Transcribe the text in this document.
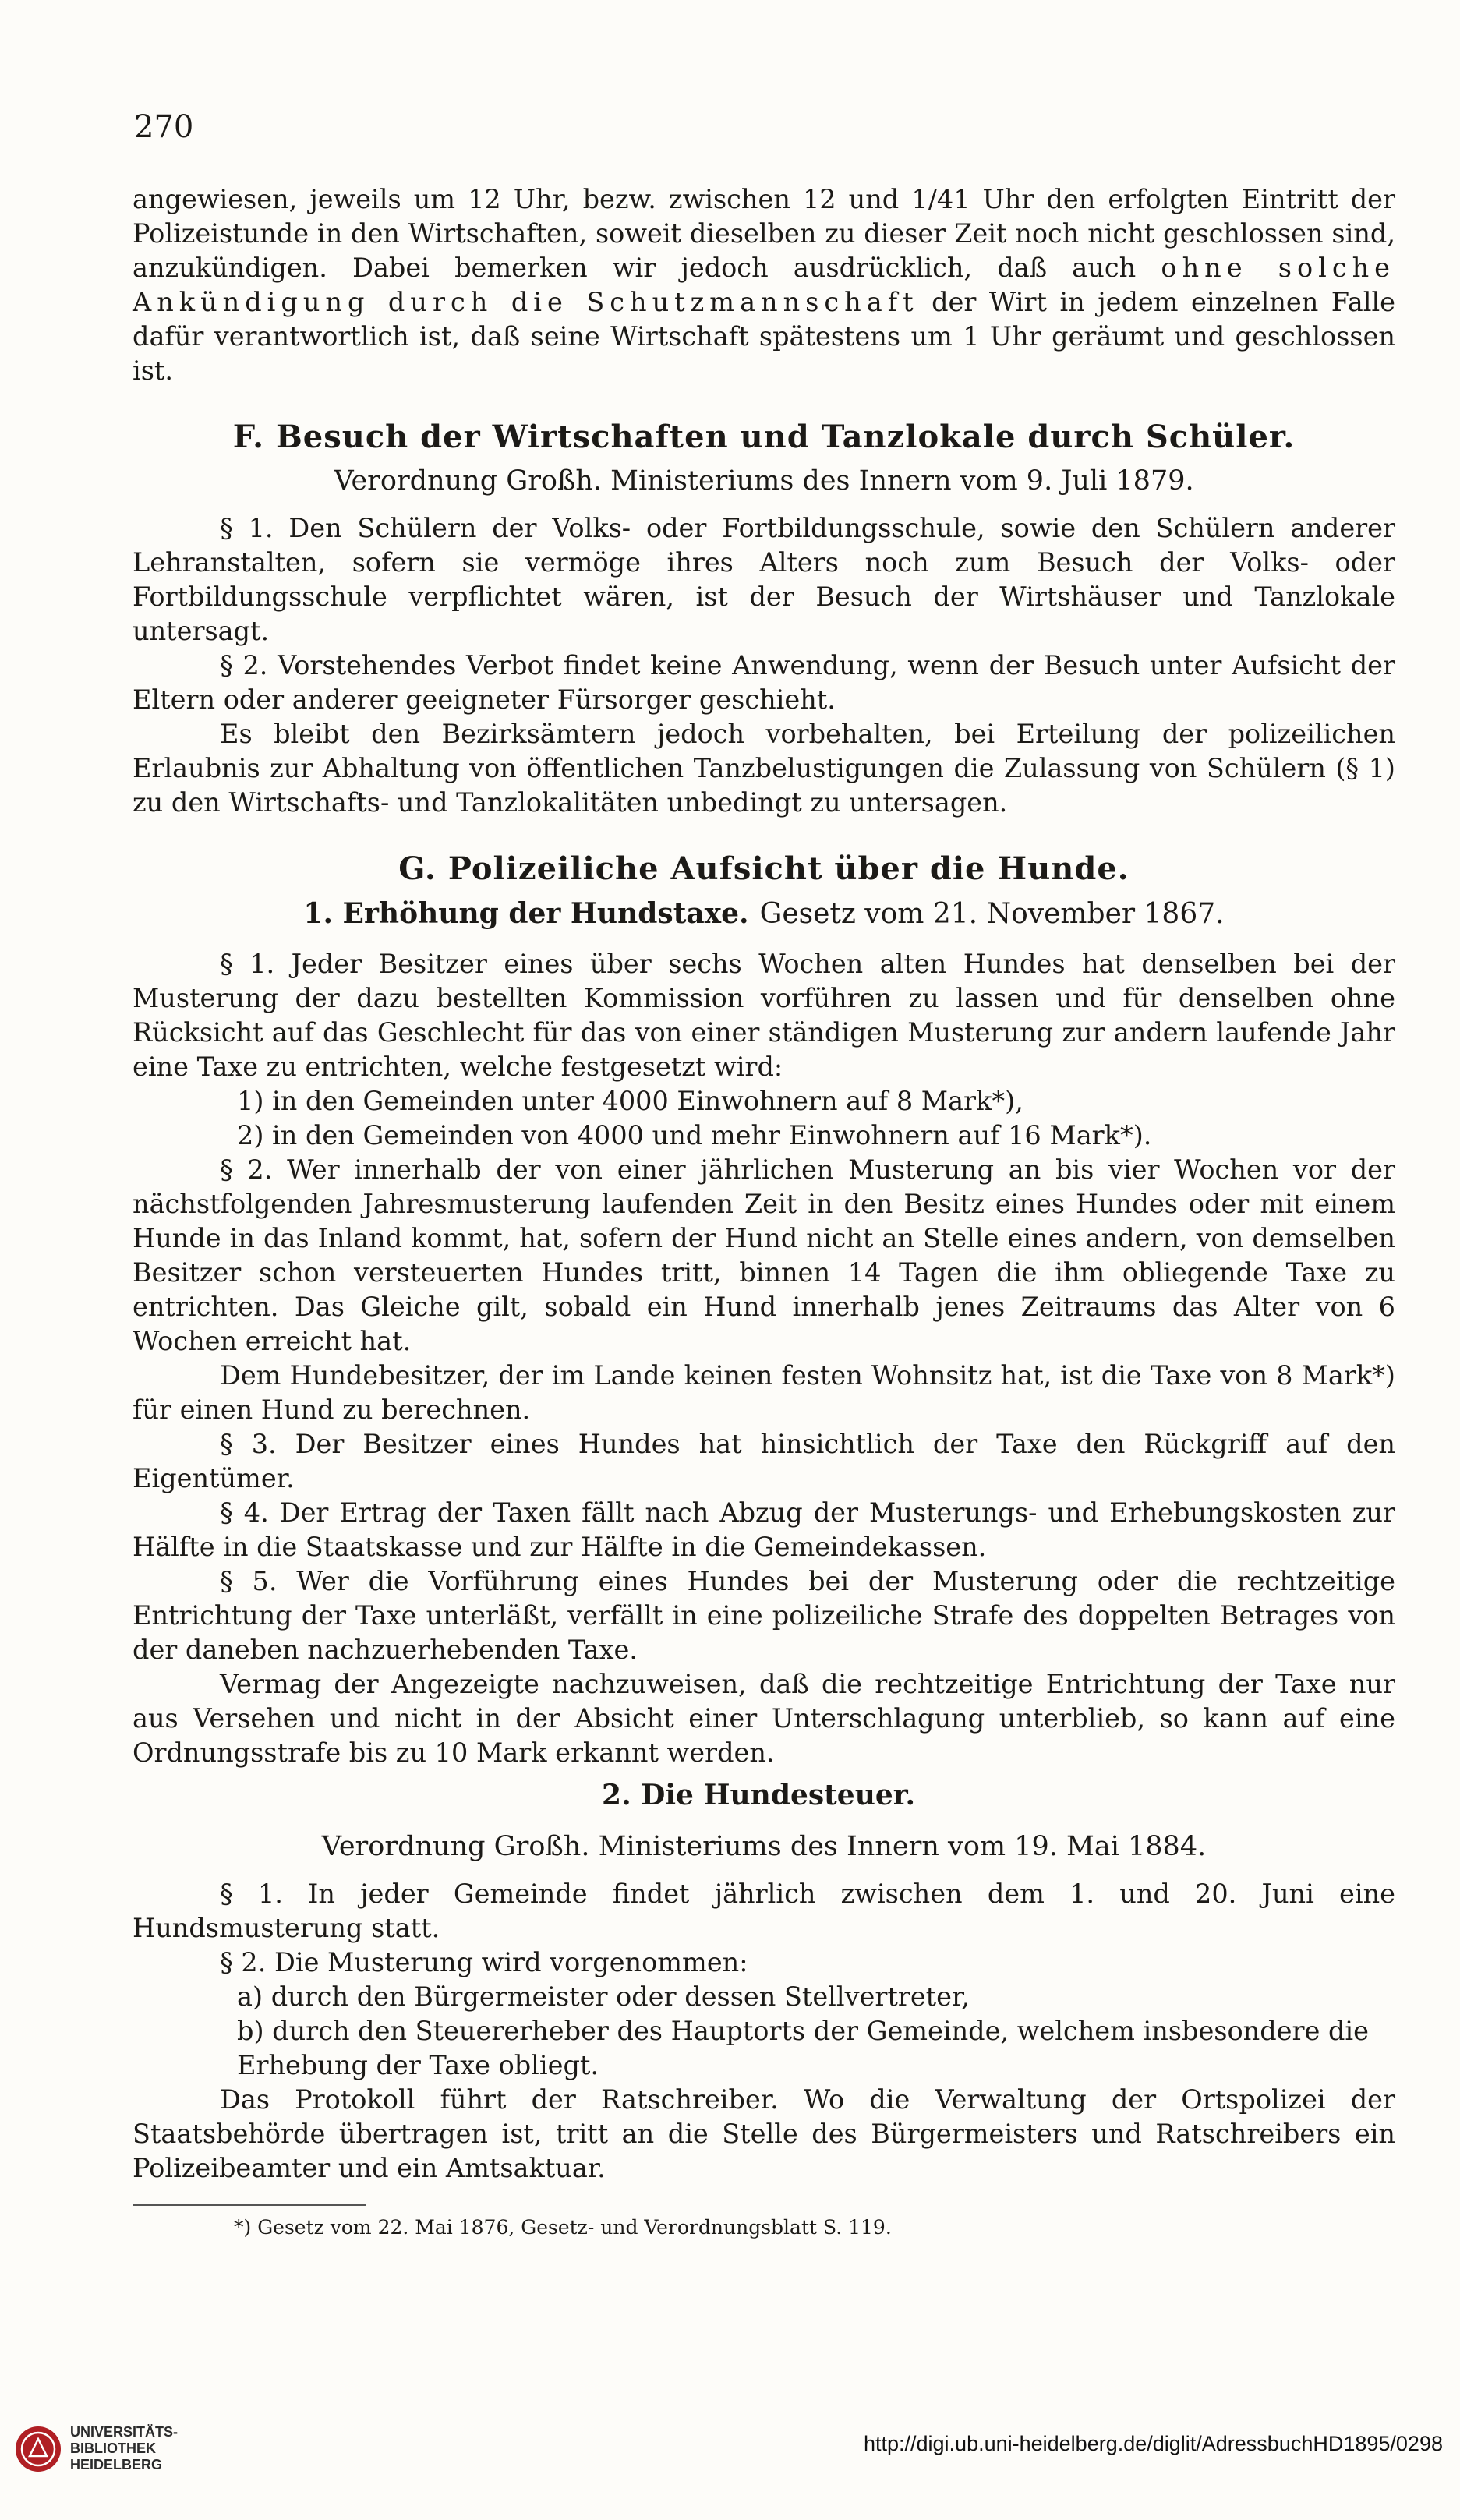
270

angewiesen, jeweils um 12 Uhr, bezw. zwischen 12 und 1/41 Uhr den erfolgten Eintritt der Polizeistunde in den Wirtschaften, soweit dieselben zu dieser Zeit noch nicht geschlossen sind, anzukündigen. Dabei bemerken wir jedoch ausdrücklich, daß auch ohne solche Ankündigung durch die Schutzmannschaft der Wirt in jedem einzelnen Falle dafür verantwortlich ist, daß seine Wirtschaft spätestens um 1 Uhr geräumt und geschlossen ist.

F. Besuch der Wirtschaften und Tanzlokale durch Schüler.
Verordnung Großh. Ministeriums des Innern vom 9. Juli 1879.

§ 1. Den Schülern der Volks- oder Fortbildungsschule, sowie den Schülern anderer Lehranstalten, sofern sie vermöge ihres Alters noch zum Besuch der Volks- oder Fortbildungsschule verpflichtet wären, ist der Besuch der Wirtshäuser und Tanzlokale untersagt.

§ 2. Vorstehendes Verbot findet keine Anwendung, wenn der Besuch unter Aufsicht der Eltern oder anderer geeigneter Fürsorger geschieht.

Es bleibt den Bezirksämtern jedoch vorbehalten, bei Erteilung der polizeilichen Erlaubnis zur Abhaltung von öffentlichen Tanzbelustigungen die Zulassung von Schülern (§ 1) zu den Wirtschafts- und Tanzlokalitäten unbedingt zu untersagen.

G. Polizeiliche Aufsicht über die Hunde.
1. Erhöhung der Hundstaxe. Gesetz vom 21. November 1867.

§ 1. Jeder Besitzer eines über sechs Wochen alten Hundes hat denselben bei der Musterung der dazu bestellten Kommission vorführen zu lassen und für denselben ohne Rücksicht auf das Geschlecht für das von einer ständigen Musterung zur andern laufende Jahr eine Taxe zu entrichten, welche festgesetzt wird:

1) in den Gemeinden unter 4000 Einwohnern auf 8 Mark*),

2) in den Gemeinden von 4000 und mehr Einwohnern auf 16 Mark*).

§ 2. Wer innerhalb der von einer jährlichen Musterung an bis vier Wochen vor der nächstfolgenden Jahresmusterung laufenden Zeit in den Besitz eines Hundes oder mit einem Hunde in das Inland kommt, hat, sofern der Hund nicht an Stelle eines andern, von demselben Besitzer schon versteuerten Hundes tritt, binnen 14 Tagen die ihm obliegende Taxe zu entrichten. Das Gleiche gilt, sobald ein Hund innerhalb jenes Zeitraums das Alter von 6 Wochen erreicht hat.

Dem Hundebesitzer, der im Lande keinen festen Wohnsitz hat, ist die Taxe von 8 Mark*) für einen Hund zu berechnen.

§ 3. Der Besitzer eines Hundes hat hinsichtlich der Taxe den Rückgriff auf den Eigentümer.

§ 4. Der Ertrag der Taxen fällt nach Abzug der Musterungs- und Erhebungskosten zur Hälfte in die Staatskasse und zur Hälfte in die Gemeindekassen.

§ 5. Wer die Vorführung eines Hundes bei der Musterung oder die rechtzeitige Entrichtung der Taxe unterläßt, verfällt in eine polizeiliche Strafe des doppelten Betrages von der daneben nachzuerhebenden Taxe.

Vermag der Angezeigte nachzuweisen, daß die rechtzeitige Entrichtung der Taxe nur aus Versehen und nicht in der Absicht einer Unterschlagung unterblieb, so kann auf eine Ordnungsstrafe bis zu 10 Mark erkannt werden.

2. Die Hundesteuer.
Verordnung Großh. Ministeriums des Innern vom 19. Mai 1884.

§ 1. In jeder Gemeinde findet jährlich zwischen dem 1. und 20. Juni eine Hundsmusterung statt.

§ 2. Die Musterung wird vorgenommen:

a) durch den Bürgermeister oder dessen Stellvertreter,

b) durch den Steuererheber des Hauptorts der Gemeinde, welchem insbesondere die Erhebung der Taxe obliegt.

Das Protokoll führt der Ratschreiber. Wo die Verwaltung der Ortspolizei der Staatsbehörde übertragen ist, tritt an die Stelle des Bürgermeisters und Ratschreibers ein Polizeibeamter und ein Amtsaktuar.

*) Gesetz vom 22. Mai 1876, Gesetz- und Verordnungsblatt S. 119.
UNIVERSITÄTS-
BIBLIOTHEK
HEIDELBERG
http://digi.ub.uni-heidelberg.de/diglit/AdressbuchHD1895/0298
